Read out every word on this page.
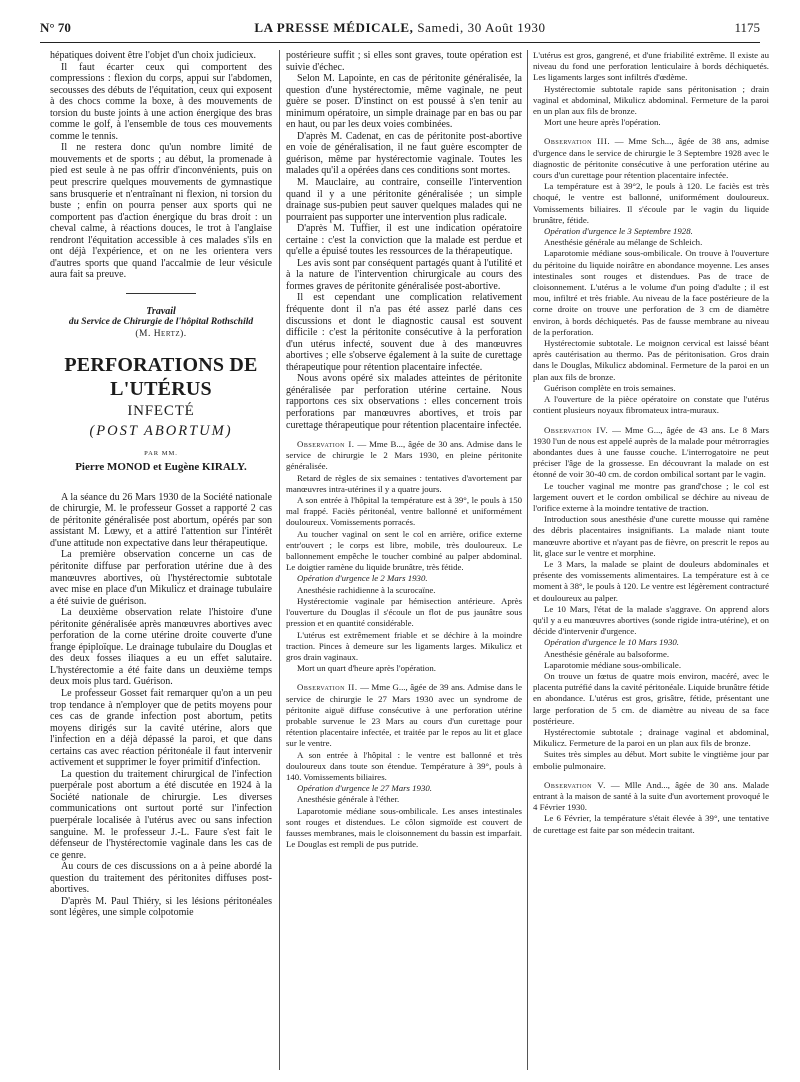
N° 70	LA PRESSE MÉDICALE, Samedi, 30 Août 1930	1175

hépatiques doivent être l'objet d'un choix judicieux.

Il faut écarter ceux qui comportent des compressions : flexion du corps, appui sur l'abdomen, secousses des débuts de l'équitation, ceux qui exposent à des chocs comme la boxe, à des mouvements de torsion du buste joints à une action énergique des bras comme le golf, à l'ensemble de tous ces mouvements comme le tennis.

Il ne restera donc qu'un nombre limité de mouvements et de sports ; au début, la promenade à pied est seule à ne pas offrir d'inconvénients, puis on peut prescrire quelques mouvements de gymnastique sans brusquerie et n'entraînant ni flexion, ni torsion du buste ; enfin on pourra penser aux sports qui ne comportent pas d'action énergique du bras droit : un cheval calme, à réactions douces, le trot à l'anglaise rendront l'équitation accessible à ces malades s'ils en ont déjà l'expérience, et on ne les orientera vers d'autres sports que quand l'accalmie de leur vésicule aura fait sa preuve.

Travail

du Service de Chirurgie de l'hôpital Rothschild

(M. Hertz).

PERFORATIONS DE L'UTÉRUS

INFECTÉ

(POST ABORTUM)

PAR MM.

Pierre MONOD et Eugène KIRALY.

A la séance du 26 Mars 1930 de la Société nationale de chirurgie, M. le professeur Gosset a rapporté 2 cas de péritonite généralisée post abortum, opérés par son assistant M. Lœwy, et a attiré l'attention sur l'intérêt d'une attitude non expectative dans leur thérapeutique.

La première observation concerne un cas de péritonite diffuse par perforation utérine due à des manœuvres abortives, où l'hystérectomie subtotale avec mise en place d'un Mikulicz et drainage tubulaire a été suivie de guérison.

La deuxième observation relate l'histoire d'une péritonite généralisée après manœuvres abortives avec perforation de la corne utérine droite couverte d'une frange épiploïque. Le drainage tubulaire du Douglas et des deux fosses iliaques a eu un effet salutaire. L'hystérectomie a été faite dans un deuxième temps deux mois plus tard. Guérison.

Le professeur Gosset fait remarquer qu'on a un peu trop tendance à n'employer que de petits moyens pour ces cas de grande infection post abortum, petits moyens dirigés sur la cavité utérine, alors que l'infection en a déjà dépassé la paroi, et que dans certains cas avec réaction péritonéale il faut intervenir activement et supprimer le foyer primitif d'infection.

La question du traitement chirurgical de l'infection puerpérale post abortum a été discutée en 1924 à la Société nationale de chirurgie. Les diverses communications ont surtout porté sur l'infection puerpérale localisée à l'utérus avec ou sans infection sanguine. M. le professeur J.-L. Faure s'est fait le défenseur de l'hystérectomie vaginale dans les cas de ce genre.

Au cours de ces discussions on a à peine abordé la question du traitement des péritonites diffuses post-abortives.

D'après M. Paul Thiéry, si les lésions péritonéales sont légères, une simple colpotomie

postérieure suffit ; si elles sont graves, toute opération est suivie d'échec.

Selon M. Lapointe, en cas de péritonite généralisée, la question d'une hystérectomie, même vaginale, ne peut guère se poser. D'instinct on est poussé à s'en tenir au minimum opératoire, un simple drainage par en bas ou par en haut, ou par les deux voies combinées.

D'après M. Cadenat, en cas de péritonite post-abortive en voie de généralisation, il ne faut guère escompter de guérison, même par hystérectomie vaginale. Toutes les malades qu'il a opérées dans ces conditions sont mortes.

M. Mauclaire, au contraire, conseille l'intervention quand il y a une péritonite généralisée ; un simple drainage sus-pubien peut sauver quelques malades qui ne pourraient pas supporter une intervention plus radicale.

D'après M. Tuffier, il est une indication opératoire certaine : c'est la conviction que la malade est perdue et qu'elle a épuisé toutes les ressources de la thérapeutique.

Les avis sont par conséquent partagés quant à l'utilité et à la nature de l'intervention chirurgicale au cours des formes graves de péritonite généralisée post-abortive.

Il est cependant une complication relativement fréquente dont il n'a pas été assez parlé dans ces discussions et dont le diagnostic causal est souvent difficile : c'est la péritonite consécutive à la perforation d'un utérus infecté, souvent due à des manœuvres abortives ; elle s'observe également à la suite de curettage thérapeutique pour rétention placentaire infectée.

Nous avons opéré six malades atteintes de péritonite généralisée par perforation utérine certaine. Nous rapportons ces six observations : elles concernent trois perforations par manœuvres abortives, et trois par curettage thérapeutique pour rétention placentaire infectée.

Observation I. — Mme B..., âgée de 30 ans. Admise dans le service de chirurgie le 2 Mars 1930, en pleine péritonite généralisée.

Retard de règles de six semaines : tentatives d'avortement par manœuvres intra-utérines il y a quatre jours.

A son entrée à l'hôpital la température est à 39°, le pouls à 150 mal frappé. Faciès péritonéal, ventre ballonné et uniformément douloureux. Vomissements porracés.

Au toucher vaginal on sent le col en arrière, orifice externe entr'ouvert ; le corps est libre, mobile, très douloureux. Le ballonnement empêche le toucher combiné au palper abdominal. Le doigtier ramène du liquide brunâtre, très fétide.

Opération d'urgence le 2 Mars 1930.

Anesthésie rachidienne à la scurocaïne.

Hystérectomie vaginale par hémisection antérieure. Après l'ouverture du Douglas il s'écoule un flot de pus jaunâtre sous pression et en quantité considérable.

L'utérus est extrêmement friable et se déchire à la moindre traction. Pinces à demeure sur les ligaments larges. Mikulicz et gros drain vaginaux.

Mort un quart d'heure après l'opération.

Observation II. — Mme G..., âgée de 39 ans. Admise dans le service de chirurgie le 27 Mars 1930 avec un syndrome de péritonite aiguë diffuse consécutive à une perforation utérine probable survenue le 23 Mars au cours d'un curettage pour rétention placentaire infectée, et traitée par le repos au lit et glace sur le ventre.

A son entrée à l'hôpital : le ventre est ballonné et très douloureux dans toute son étendue. Température à 39°, pouls à 140. Vomissements biliaires.

Opération d'urgence le 27 Mars 1930.

Anesthésie générale à l'éther.

Laparotomie médiane sous-ombilicale. Les anses intestinales sont rouges et distendues. Le côlon sigmoïde est couvert de fausses membranes, mais le cloisonnement du bassin est imparfait. Le Douglas est rempli de pus putride.

L'utérus est gros, gangrené, et d'une friabilité extrême. Il existe au niveau du fond une perforation lenticulaire à bords déchiquetés. Les ligaments larges sont infiltrés d'œdème.

Hystérectomie subtotale rapide sans péritonisation ; drain vaginal et abdominal, Mikulicz abdominal. Fermeture de la paroi en un plan aux fils de bronze.

Mort une heure après l'opération.

Observation III. — Mme Sch..., âgée de 38 ans, admise d'urgence dans le service de chirurgie le 3 Septembre 1928 avec le diagnostic de péritonite consécutive à une perforation utérine au cours d'un curettage pour rétention placentaire infectée.

La température est à 39°2, le pouls à 120. Le faciès est très choqué, le ventre est ballonné, uniformément douloureux. Vomissements biliaires. Il s'écoule par le vagin du liquide brunâtre, fétide.

Opération d'urgence le 3 Septembre 1928.

Anesthésie générale au mélange de Schleich.

Laparotomie médiane sous-ombilicale. On trouve à l'ouverture du péritoine du liquide noirâtre en abondance moyenne. Les anses intestinales sont rouges et distendues. Pas de trace de cloisonnement. L'utérus a le volume d'un poing d'adulte ; il est mou, infiltré et très friable. Au niveau de la face postérieure de la corne droite on trouve une perforation de 3 cm de diamètre environ, à bords déchiquetés. Pas de fausse membrane au niveau de la perforation.

Hystérectomie subtotale. Le moignon cervical est laissé béant après cautérisation au thermo. Pas de péritonisation. Gros drain dans le Douglas, Mikulicz abdominal. Fermeture de la paroi en un plan aux fils de bronze.

Guérison complète en trois semaines.

A l'ouverture de la pièce opératoire on constate que l'utérus contient plusieurs noyaux fibromateux intra-muraux.

Observation IV. — Mme G..., âgée de 43 ans. Le 8 Mars 1930 l'un de nous est appelé auprès de la malade pour métrorragies abondantes dues à une fausse couche. L'interrogatoire ne peut préciser l'âge de la grossesse. En découvrant la malade on est étonné de voir 30-40 cm. de cordon ombilical sortant par le vagin.

Le toucher vaginal me montre pas grand'chose ; le col est largement ouvert et le cordon ombilical se déchire au niveau de l'orifice externe à la moindre tentative de traction.

Introduction sous anesthésie d'une curette mousse qui ramène des débris placentaires insignifiants. La malade niant toute manœuvre abortive et n'ayant pas de fièvre, on prescrit le repos au lit, glace sur le ventre et morphine.

Le 3 Mars, la malade se plaint de douleurs abdominales et présente des vomissements alimentaires. La température est à ce moment à 38°, le pouls à 120. Le ventre est légèrement contracturé et douloureux au palper.

Le 10 Mars, l'état de la malade s'aggrave. On apprend alors qu'il y a eu manœuvres abortives (sonde rigide intra-utérine), et on décide d'intervenir d'urgence.

Opération d'urgence le 10 Mars 1930.

Anesthésie générale au balsoforme.

Laparotomie médiane sous-ombilicale.

On trouve un fœtus de quatre mois environ, macéré, avec le placenta putréfié dans la cavité péritonéale. Liquide brunâtre fétide en abondance. L'utérus est gros, grisâtre, fétide, présentant une large perforation de 5 cm. de diamètre au niveau de sa face postérieure.

Hystérectomie subtotale ; drainage vaginal et abdominal, Mikulicz. Fermeture de la paroi en un plan aux fils de bronze.

Suites très simples au début. Mort subite le vingtième jour par embolie pulmonaire.

Observation V. — Mlle And..., âgée de 30 ans. Malade entrant à la maison de santé à la suite d'un avortement provoqué le 4 Février 1930.

Le 6 Février, la température s'était élevée à 39°, une tentative de curettage est faite par son médecin traitant.
